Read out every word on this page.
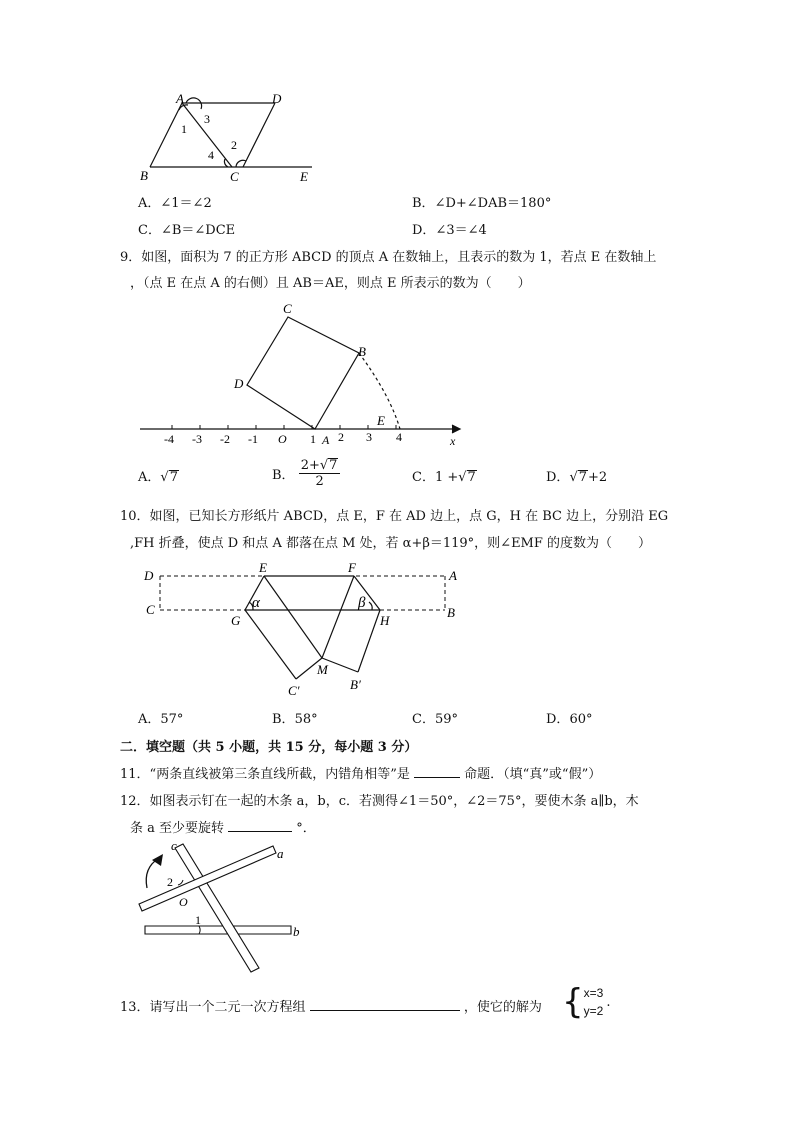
A	D
B	C	E
1
3
2
4
A．∠1＝∠2	B．∠D+∠DAB＝180°
C．∠B＝∠DCE	D．∠3＝∠4
9．如图，面积为 7 的正方形 ABCD 的顶点 A 在数轴上，且表示的数为 1，若点 E 在数轴上
，（点 E 在点 A 的右侧）且 AB＝AE，则点 E 所表示的数为（　　）
-4 -3 -2 -1 O 1 A 2 3 4	x
C
B
D
E
A．√7	B． $\frac{2+√7}{2}$	C．1 +√7	D．√7+2
10．如图，已知长方形纸片 ABCD，点 E，F 在 AD 边上，点 G，H 在 BC 边上，分别沿 EG
,FH 折叠，使点 D 和点 A 都落在点 M 处，若 α+β＝119°，则∠EMF 的度数为（　　）
D
E	F
A
C	B
G	H
M
C′	B′
α	β
A．57°	B．58°	C．59°	D．60°
二．填空题（共 5 小题，共 15 分，每小题 3 分）
11．“两条直线被第三条直线所截，内错角相等”是	命题．（填“真”或“假”）
12．如图表示钉在一起的木条 a，b，c．若测得∠1＝50°，∠2＝75°，要使木条 a∥b，木
条 a 至少要旋转	°．
c
a
b
2
O
1
13．请写出一个二元一次方程组	，使它的解为 { x=3
y=2
.
